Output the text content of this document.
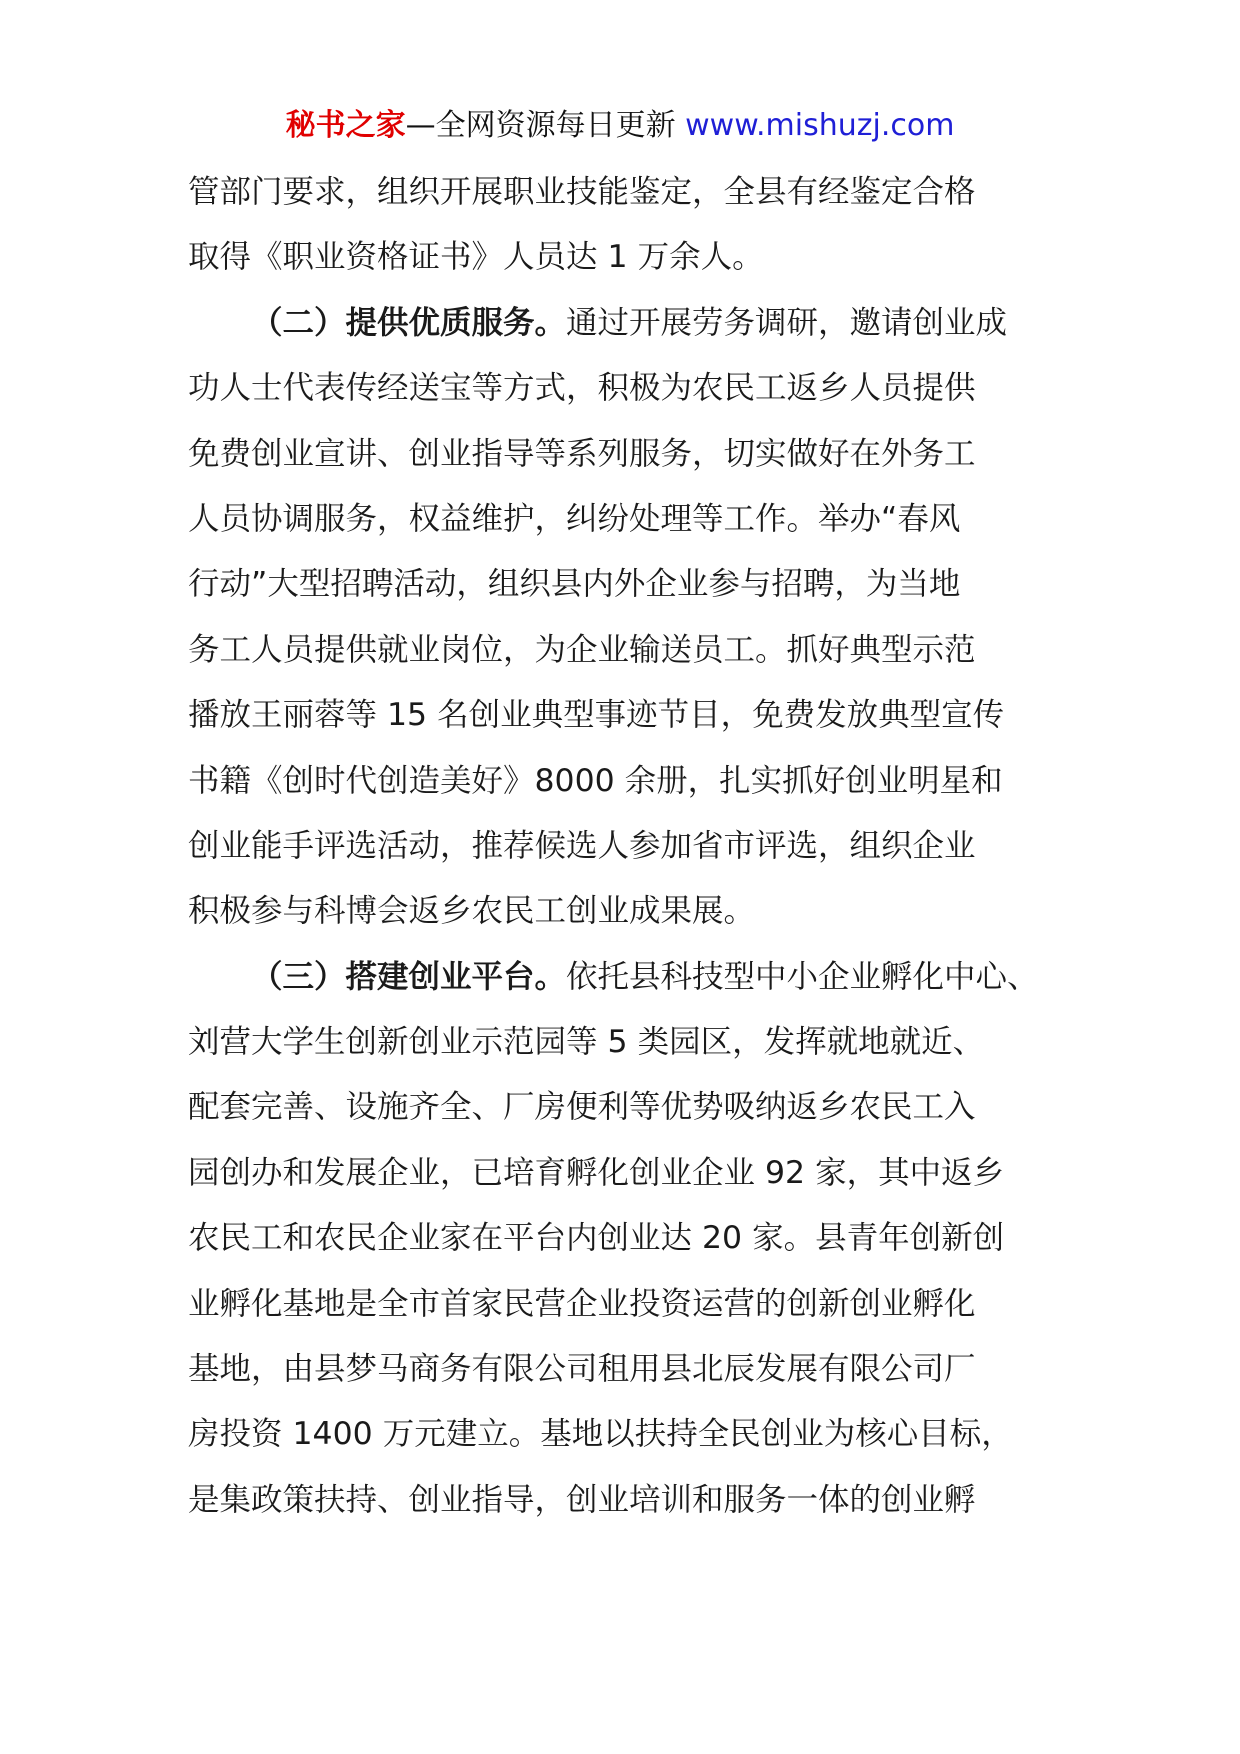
秘书之家—全网资源每日更新 www.mishuzj.com
管部门要求，组织开展职业技能鉴定，全县有经鉴定合格
取得《职业资格证书》人员达 1 万余人。
（二）提供优质服务。通过开展劳务调研，邀请创业成
功人士代表传经送宝等方式，积极为农民工返乡人员提供
免费创业宣讲、创业指导等系列服务，切实做好在外务工
人员协调服务，权益维护，纠纷处理等工作。举办“春风
行动”大型招聘活动，组织县内外企业参与招聘，为当地
务工人员提供就业岗位，为企业输送员工。抓好典型示范
播放王丽蓉等 15 名创业典型事迹节目，免费发放典型宣传
书籍《创时代创造美好》8000 余册，扎实抓好创业明星和
创业能手评选活动，推荐候选人参加省市评选，组织企业
积极参与科博会返乡农民工创业成果展。
（三）搭建创业平台。依托县科技型中小企业孵化中心、
刘营大学生创新创业示范园等 5 类园区，发挥就地就近、
配套完善、设施齐全、厂房便利等优势吸纳返乡农民工入
园创办和发展企业，已培育孵化创业企业 92 家，其中返乡
农民工和农民企业家在平台内创业达 20 家。县青年创新创
业孵化基地是全市首家民营企业投资运营的创新创业孵化
基地，由县梦马商务有限公司租用县北辰发展有限公司厂
房投资 1400 万元建立。基地以扶持全民创业为核心目标，
是集政策扶持、创业指导，创业培训和服务一体的创业孵
